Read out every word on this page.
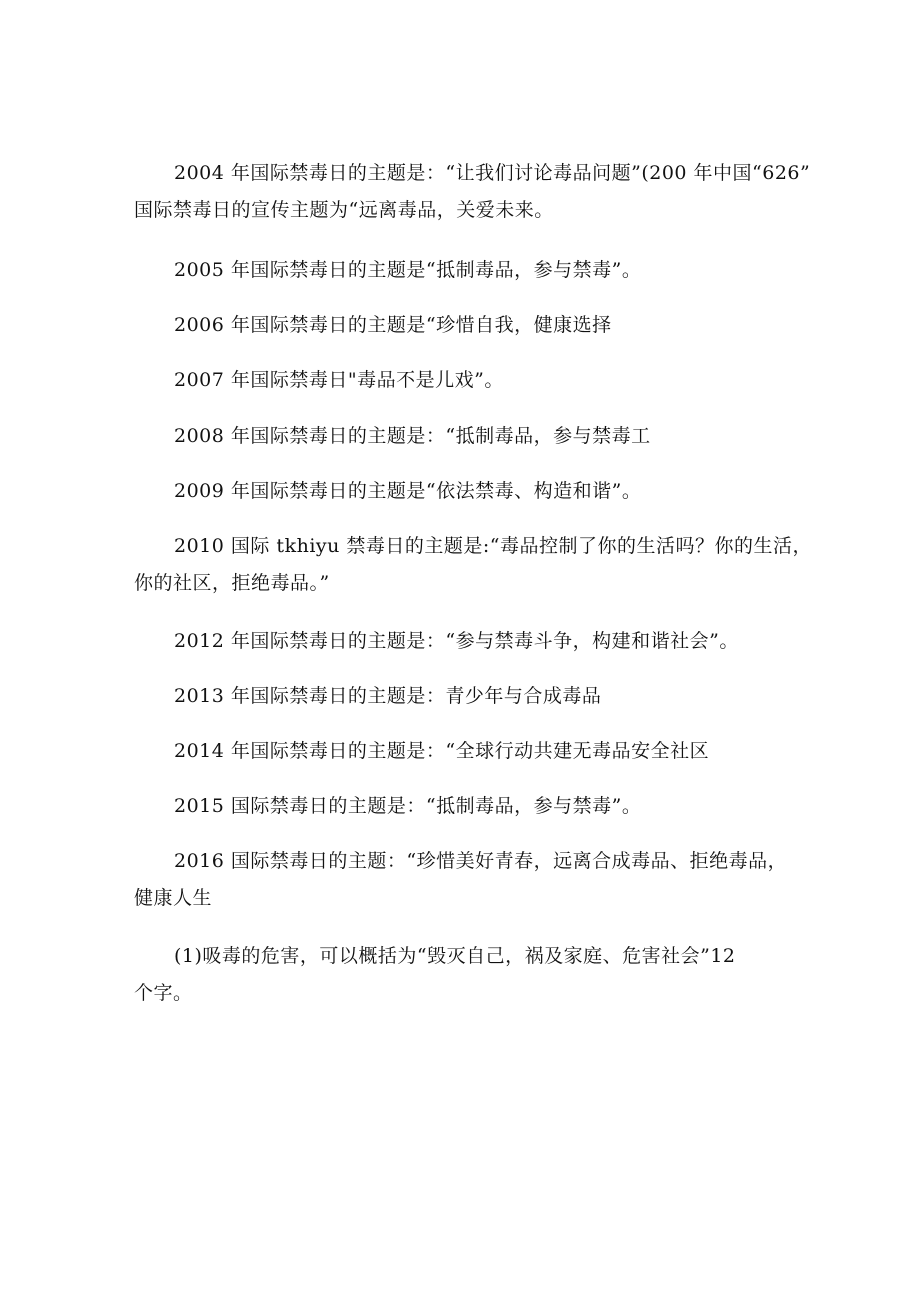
2004 年国际禁毒日的主题是：“让我们讨论毒品问题”(200 年中国“626”
国际禁毒日的宣传主题为“远离毒品，关爱未来。
2005 年国际禁毒日的主题是“抵制毒品，参与禁毒”。
2006 年国际禁毒日的主题是“珍惜自我，健康选择
2007 年国际禁毒日"毒品不是儿戏”。
2008 年国际禁毒日的主题是：“抵制毒品，参与禁毒工
2009 年国际禁毒日的主题是“依法禁毒、构造和谐”。
2010 国际 tkhiyu 禁毒日的主题是:“毒品控制了你的生活吗？你的生活，
你的社区，拒绝毒品。”
2012 年国际禁毒日的主题是：“参与禁毒斗争，构建和谐社会”。
2013 年国际禁毒日的主题是：青少年与合成毒品
2014 年国际禁毒日的主题是：“全球行动共建无毒品安全社区
2015 国际禁毒日的主题是：“抵制毒品，参与禁毒”。
2016 国际禁毒日的主题：“珍惜美好青春，远离合成毒品、拒绝毒品，
健康人生
(1)吸毒的危害，可以概括为“毁灭自己，祸及家庭、危害社会”12
个字。
